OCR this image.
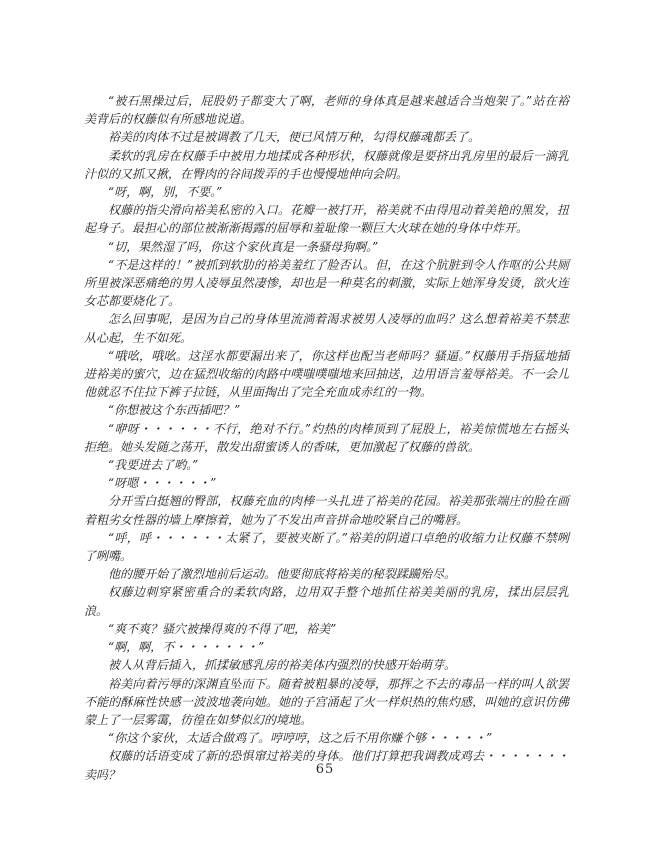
“被石黑操过后，屁股奶子都变大了啊，老师的身体真是越来越适合当炮架了。”站在裕美背后的权藤似有所感地说道。

裕美的肉体不过是被调教了几天，便已风情万种，勾得权藤魂都丢了。

柔软的乳房在权藤手中被用力地揉成各种形状，权藤就像是要挤出乳房里的最后一滴乳汁似的又抓又揪，在臀肉的谷间拨弄的手也慢慢地伸向会阴。

“呀，啊，别，不要。”

权藤的指尖滑向裕美私密的入口。花瓣一被打开，裕美就不由得甩动着美艳的黑发，扭起身子。最担心的部位被渐渐揭露的屈辱和羞耻像一颗巨大火球在她的身体中炸开。

“切，果然湿了吗，你这个家伙真是一条骚母狗啊。”

“不是这样的！”被抓到软肋的裕美羞红了脸否认。但，在这个肮脏到令人作呕的公共厕所里被深恶痛绝的男人凌辱虽然凄惨，却也是一种莫名的刺激，实际上她浑身发烫，欲火连女芯都要烧化了。

怎么回事呢，是因为自己的身体里流淌着渴求被男人凌辱的血吗？这么想着裕美不禁悲从心起，生不如死。

“哦吆，哦吆。这淫水都要漏出来了，你这样也配当老师吗？骚逼。”权藤用手指猛地插进裕美的蜜穴，边在猛烈收缩的肉路中噗嗤噗嗤地来回抽送，边用语言羞辱裕美。不一会儿他就忍不住拉下裤子拉链，从里面掏出了完全充血成赤红的一物。

“你想被这个东西插吧？”

“咿呀・・・・・・不行，绝对不行。”灼热的肉棒顶到了屁股上，裕美惊慌地左右摇头拒绝。她头发随之荡开，散发出甜蜜诱人的香味，更加激起了权藤的兽欲。

“我要进去了哟。”

“呀嗯・・・・・・”

分开雪白挺翘的臀部，权藤充血的肉棒一头扎进了裕美的花园。裕美那张端庄的脸在画着粗劣女性器的墙上摩擦着，她为了不发出声音拼命地咬紧自己的嘴唇。

“呼，呼・・・・・・太紧了，要被夹断了。”裕美的阴道口卓绝的收缩力让权藤不禁咧了咧嘴。

他的腰开始了激烈地前后运动。他要彻底将裕美的秘裂蹂躏殆尽。

权藤边刺穿紧密重合的柔软肉路，边用双手整个地抓住裕美美丽的乳房，揉出层层乳浪。

“爽不爽？骚穴被操得爽的不得了吧，裕美”

“啊，啊，不・・・・・・・”

被人从背后插入，抓揉敏感乳房的裕美体内强烈的快感开始萌芽。

裕美向着污辱的深渊直坠而下。随着被粗暴的凌辱，那挥之不去的毒品一样的叫人欲罢不能的酥麻性快感一波波地袭向她。她的子宫涌起了火一样炽热的焦灼感，叫她的意识仿佛蒙上了一层雾霭，彷徨在如梦似幻的境地。

“你这个家伙，太适合做鸡了。哼哼哼，这之后不用你赚个够・・・・・”

权藤的话语变成了新的恐惧窜过裕美的身体。他们打算把我调教成鸡去・・・・・・・卖吗？	65
